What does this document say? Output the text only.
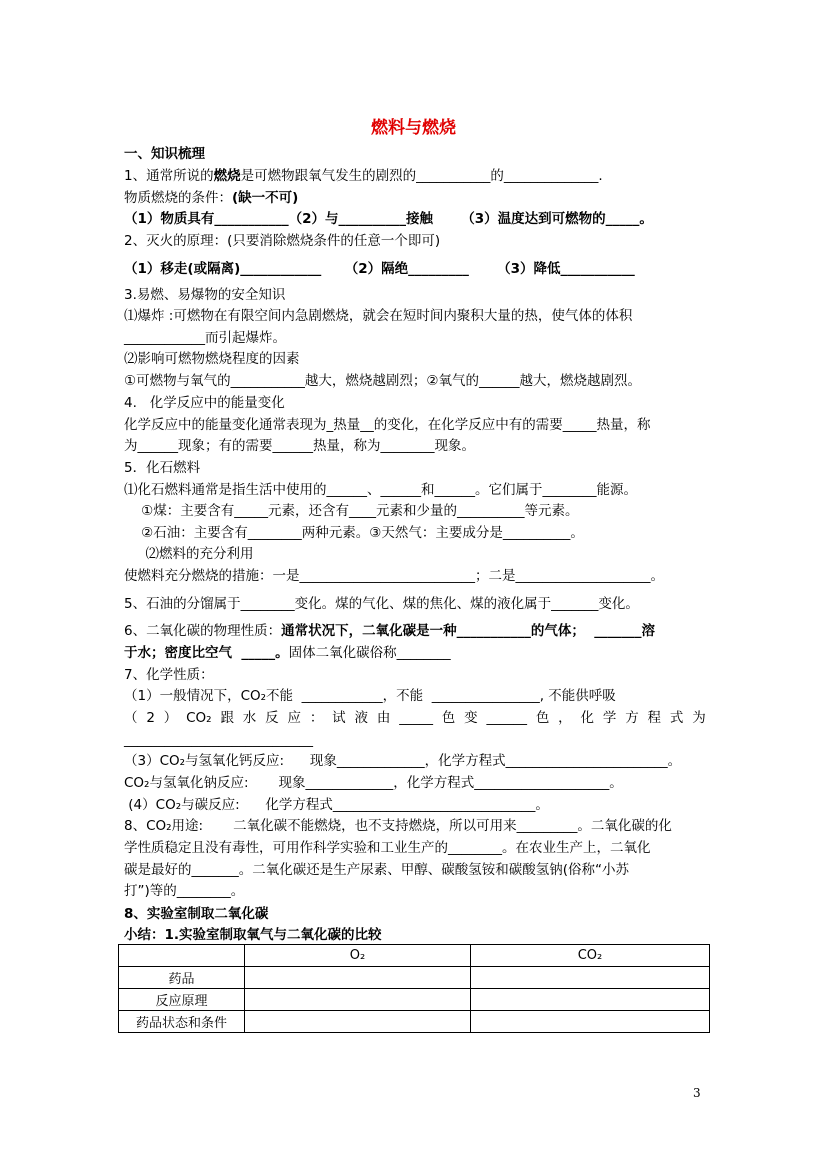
燃料与燃烧
一、知识梳理
1、通常所说的燃烧是可燃物跟氧气发生的剧烈的___________的______________.
物质燃烧的条件：(缺一不可)
（1）物质具有___________（2）与__________接触      （3）温度达到可燃物的_____。
2、灭火的原理：(只要消除燃烧条件的任意一个即可)
（1）移走(或隔离)____________     （2）隔绝_________      （3）降低___________
3.易燃、易爆物的安全知识
⑴爆炸 :可燃物在有限空间内急剧燃烧，就会在短时间内聚积大量的热，使气体的体积
____________而引起爆炸。
⑵影响可燃物燃烧程度的因素
①可燃物与氧气的___________越大，燃烧越剧烈；②氧气的______越大，燃烧越剧烈。
4.   化学反应中的能量变化
化学反应中的能量变化通常表现为_热量__的变化，在化学反应中有的需要_____热量，称
为______现象；有的需要______热量，称为________现象。
5．化石燃料
⑴化石燃料通常是指生活中使用的______、______和______。它们属于________能源。
①煤：主要含有_____元素，还含有____元素和少量的__________等元素。
②石油：主要含有________两种元素。③天然气：主要成分是__________。
⑵燃料的充分利用
使燃料充分燃烧的措施：一是__________________________；二是____________________。
5、石油的分馏属于________变化。煤的气化、煤的焦化、煤的液化属于_______变化。
6、二氧化碳的物理性质：通常状况下，二氧化碳是一种___________的气体；  _______溶
于水；密度比空气  _____。固体二氧化碳俗称________
7、化学性质：
（1）一般情况下，CO₂不能  ____________，不能  ________________, 不能供呼吸
（ 2 ） CO₂ 跟 水 反 应 ： 试 液 由 _____ 色 变 ______ 色 ， 化 学 方 程 式 为
____________________________
（3）CO₂与氢氧化钙反应:      现象_____________，化学方程式________________________。
CO₂与氢氧化钠反应:       现象_____________，化学方程式____________________。
(4）CO₂与碳反应:      化学方程式______________________________。
8、CO₂用途:       二氧化碳不能燃烧，也不支持燃烧，所以可用来_________。二氧化碳的化
学性质稳定且没有毒性，可用作科学实验和工业生产的________。在农业生产上，二氧化
碳是最好的_______。二氧化碳还是生产尿素、甲醇、碳酸氢铵和碳酸氢钠(俗称“小苏
打”)等的________。
8、实验室制取二氧化碳
小结：1.实验室制取氧气与二氧化碳的比较
	O₂	CO₂
药品		
反应原理		
药品状态和条件		
3
